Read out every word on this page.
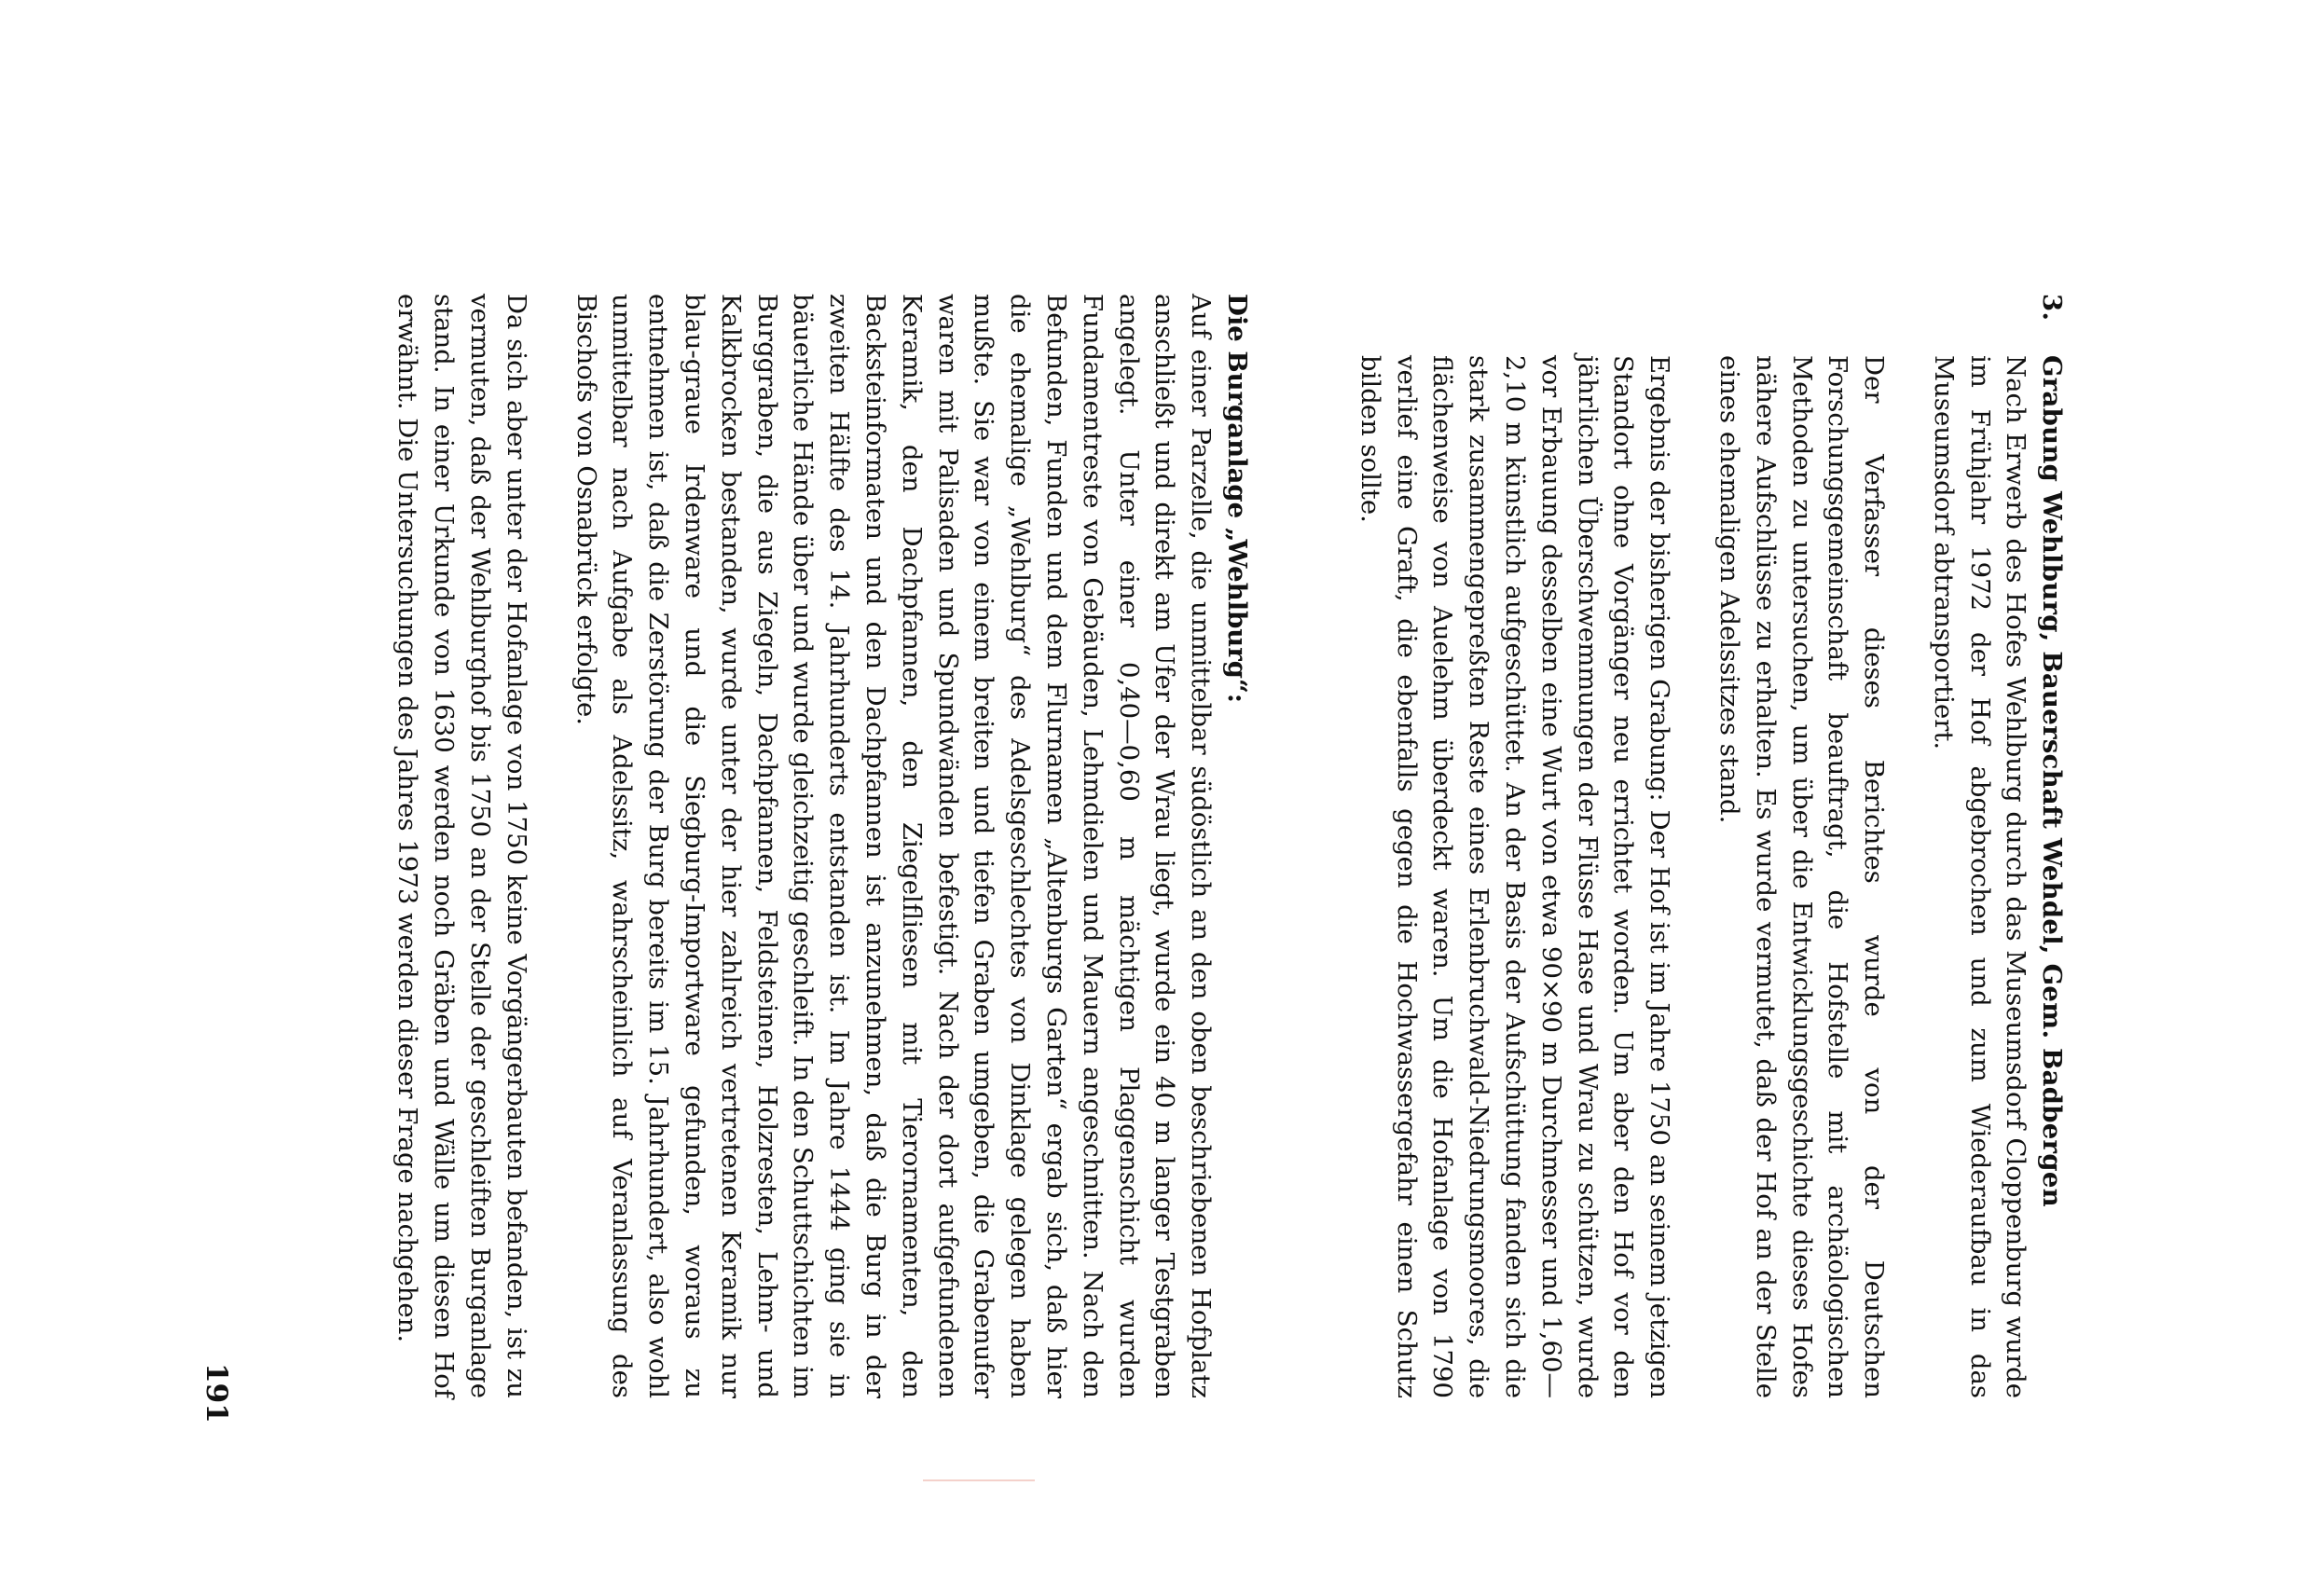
3.
Grabung Wehlburg, Bauerschaft Wehdel, Gem. Badbergen

Nach Erwerb des Hofes Wehlburg durch das Museumsdorf Cloppenburg wurde im Frühjahr 1972 der Hof abgebrochen und zum Wiederaufbau in das Museumsdorf abtransportiert.

Der Verfasser dieses Berichtes wurde von der Deutschen Forschungsgemeinschaft beauftragt, die Hofstelle mit archäologischen Methoden zu untersuchen, um über die Entwicklungsgeschichte dieses Hofes nähere Aufschlüsse zu erhalten. Es wurde vermutet, daß der Hof an der Stelle eines ehemaligen Adelssitzes stand.

Ergebnis der bisherigen Grabung: Der Hof ist im Jahre 1750 an seinem jetzigen Standort ohne Vorgänger neu errichtet worden. Um aber den Hof vor den jährlichen Überschwemmungen der Flüsse Hase und Wrau zu schützen, wurde vor Erbauung desselben eine Wurt von etwa 90×90 m Durchmesser und 1,60—2,10 m künstlich aufgeschüttet. An der Basis der Aufschüttung fanden sich die stark zusammengepreßten Reste eines Erlenbruchwald-Niedrungsmoores, die flächenweise von Auelehm überdeckt waren. Um die Hofanlage von 1790 verlief eine Graft, die ebenfalls gegen die Hochwassergefahr einen Schutz bilden sollte.

Die Burganlage „Wehlburg“:

Auf einer Parzelle, die unmittelbar südöstlich an den oben beschriebenen Hofplatz anschließt und direkt am Ufer der Wrau liegt, wurde ein 40 m langer Testgraben angelegt. Unter einer 0,40—0,60 m mächtigen Plaggenschicht wurden Fundamentreste von Gebäuden, Lehmdielen und Mauern angeschnitten. Nach den Befunden, Funden und dem Flurnamen „Altenburgs Garten“ ergab sich, daß hier die ehemalige „Wehlburg“ des Adelsgeschlechtes von Dinklage gelegen haben mußte. Sie war von einem breiten und tiefen Graben umgeben, die Grabenufer waren mit Palisaden und Spundwänden befestigt. Nach der dort aufgefundenen Keramik, den Dachpfannen, den Ziegelfliesen mit Tierornamenten, den Backsteinformaten und den Dachpfannen ist anzunehmen, daß die Burg in der zweiten Hälfte des 14. Jahrhunderts entstanden ist. Im Jahre 1444 ging sie in bäuerliche Hände über und wurde gleichzeitig geschleift. In den Schuttschichten im Burggraben, die aus Ziegeln, Dachpfannen, Feldsteinen, Holzresten, Lehm- und Kalkbrocken bestanden, wurde unter der hier zahlreich vertretenen Keramik nur blau-graue Irdenware und die Siegburg-Importware gefunden, woraus zu entnehmen ist, daß die Zerstörung der Burg bereits im 15. Jahrhundert, also wohl unmittelbar nach Aufgabe als Adelssitz, wahrscheinlich auf Veranlassung des Bischofs von Osnabrück erfolgte.

Da sich aber unter der Hofanlage von 1750 keine Vorgängerbauten befanden, ist zu vermuten, daß der Wehlburghof bis 1750 an der Stelle der geschleiften Burganlage stand. In einer Urkunde von 1630 werden noch Gräben und Wälle um diesen Hof erwähnt. Die Untersuchungen des Jahres 1973 werden dieser Frage nachgehen.

191
